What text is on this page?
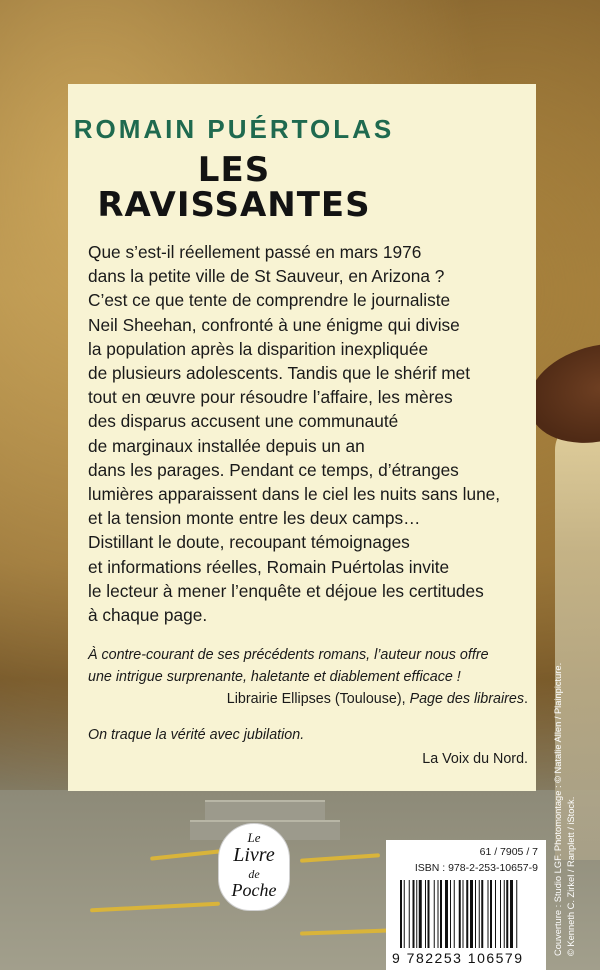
ROMAIN PUÉRTOLAS
LES
RAVISSANTES
Que s’est-il réellement passé en mars 1976
dans la petite ville de St Sauveur, en Arizona ?
C’est ce que tente de comprendre le journaliste
Neil Sheehan, confronté à une énigme qui divise
la population après la disparition inexpliquée
de plusieurs adolescents. Tandis que le shérif met
tout en œuvre pour résoudre l’affaire, les mères
des disparus accusent une communauté
de marginaux installée depuis un an
dans les parages. Pendant ce temps, d’étranges
lumières apparaissent dans le ciel les nuits sans lune,
et la tension monte entre les deux camps…
Distillant le doute, recoupant témoignages
et informations réelles, Romain Puértolas invite
le lecteur à mener l’enquête et déjoue les certitudes
à chaque page.
À contre-courant de ses précédents romans, l’auteur nous offre
une intrigue surprenante, haletante et diablement efficace !
Librairie Ellipses (Toulouse), Page des libraires.
On traque la vérité avec jubilation.
La Voix du Nord.
Le
Livre
de
Poche
61 / 7905 / 7
ISBN : 978-2-253-10657-9
9 782253 106579
Couverture : Studio LGF. Photomontage : © Natalie Allen / Plainpicture. © Kenneth C. Zirkel / Ranplett / iStock.
